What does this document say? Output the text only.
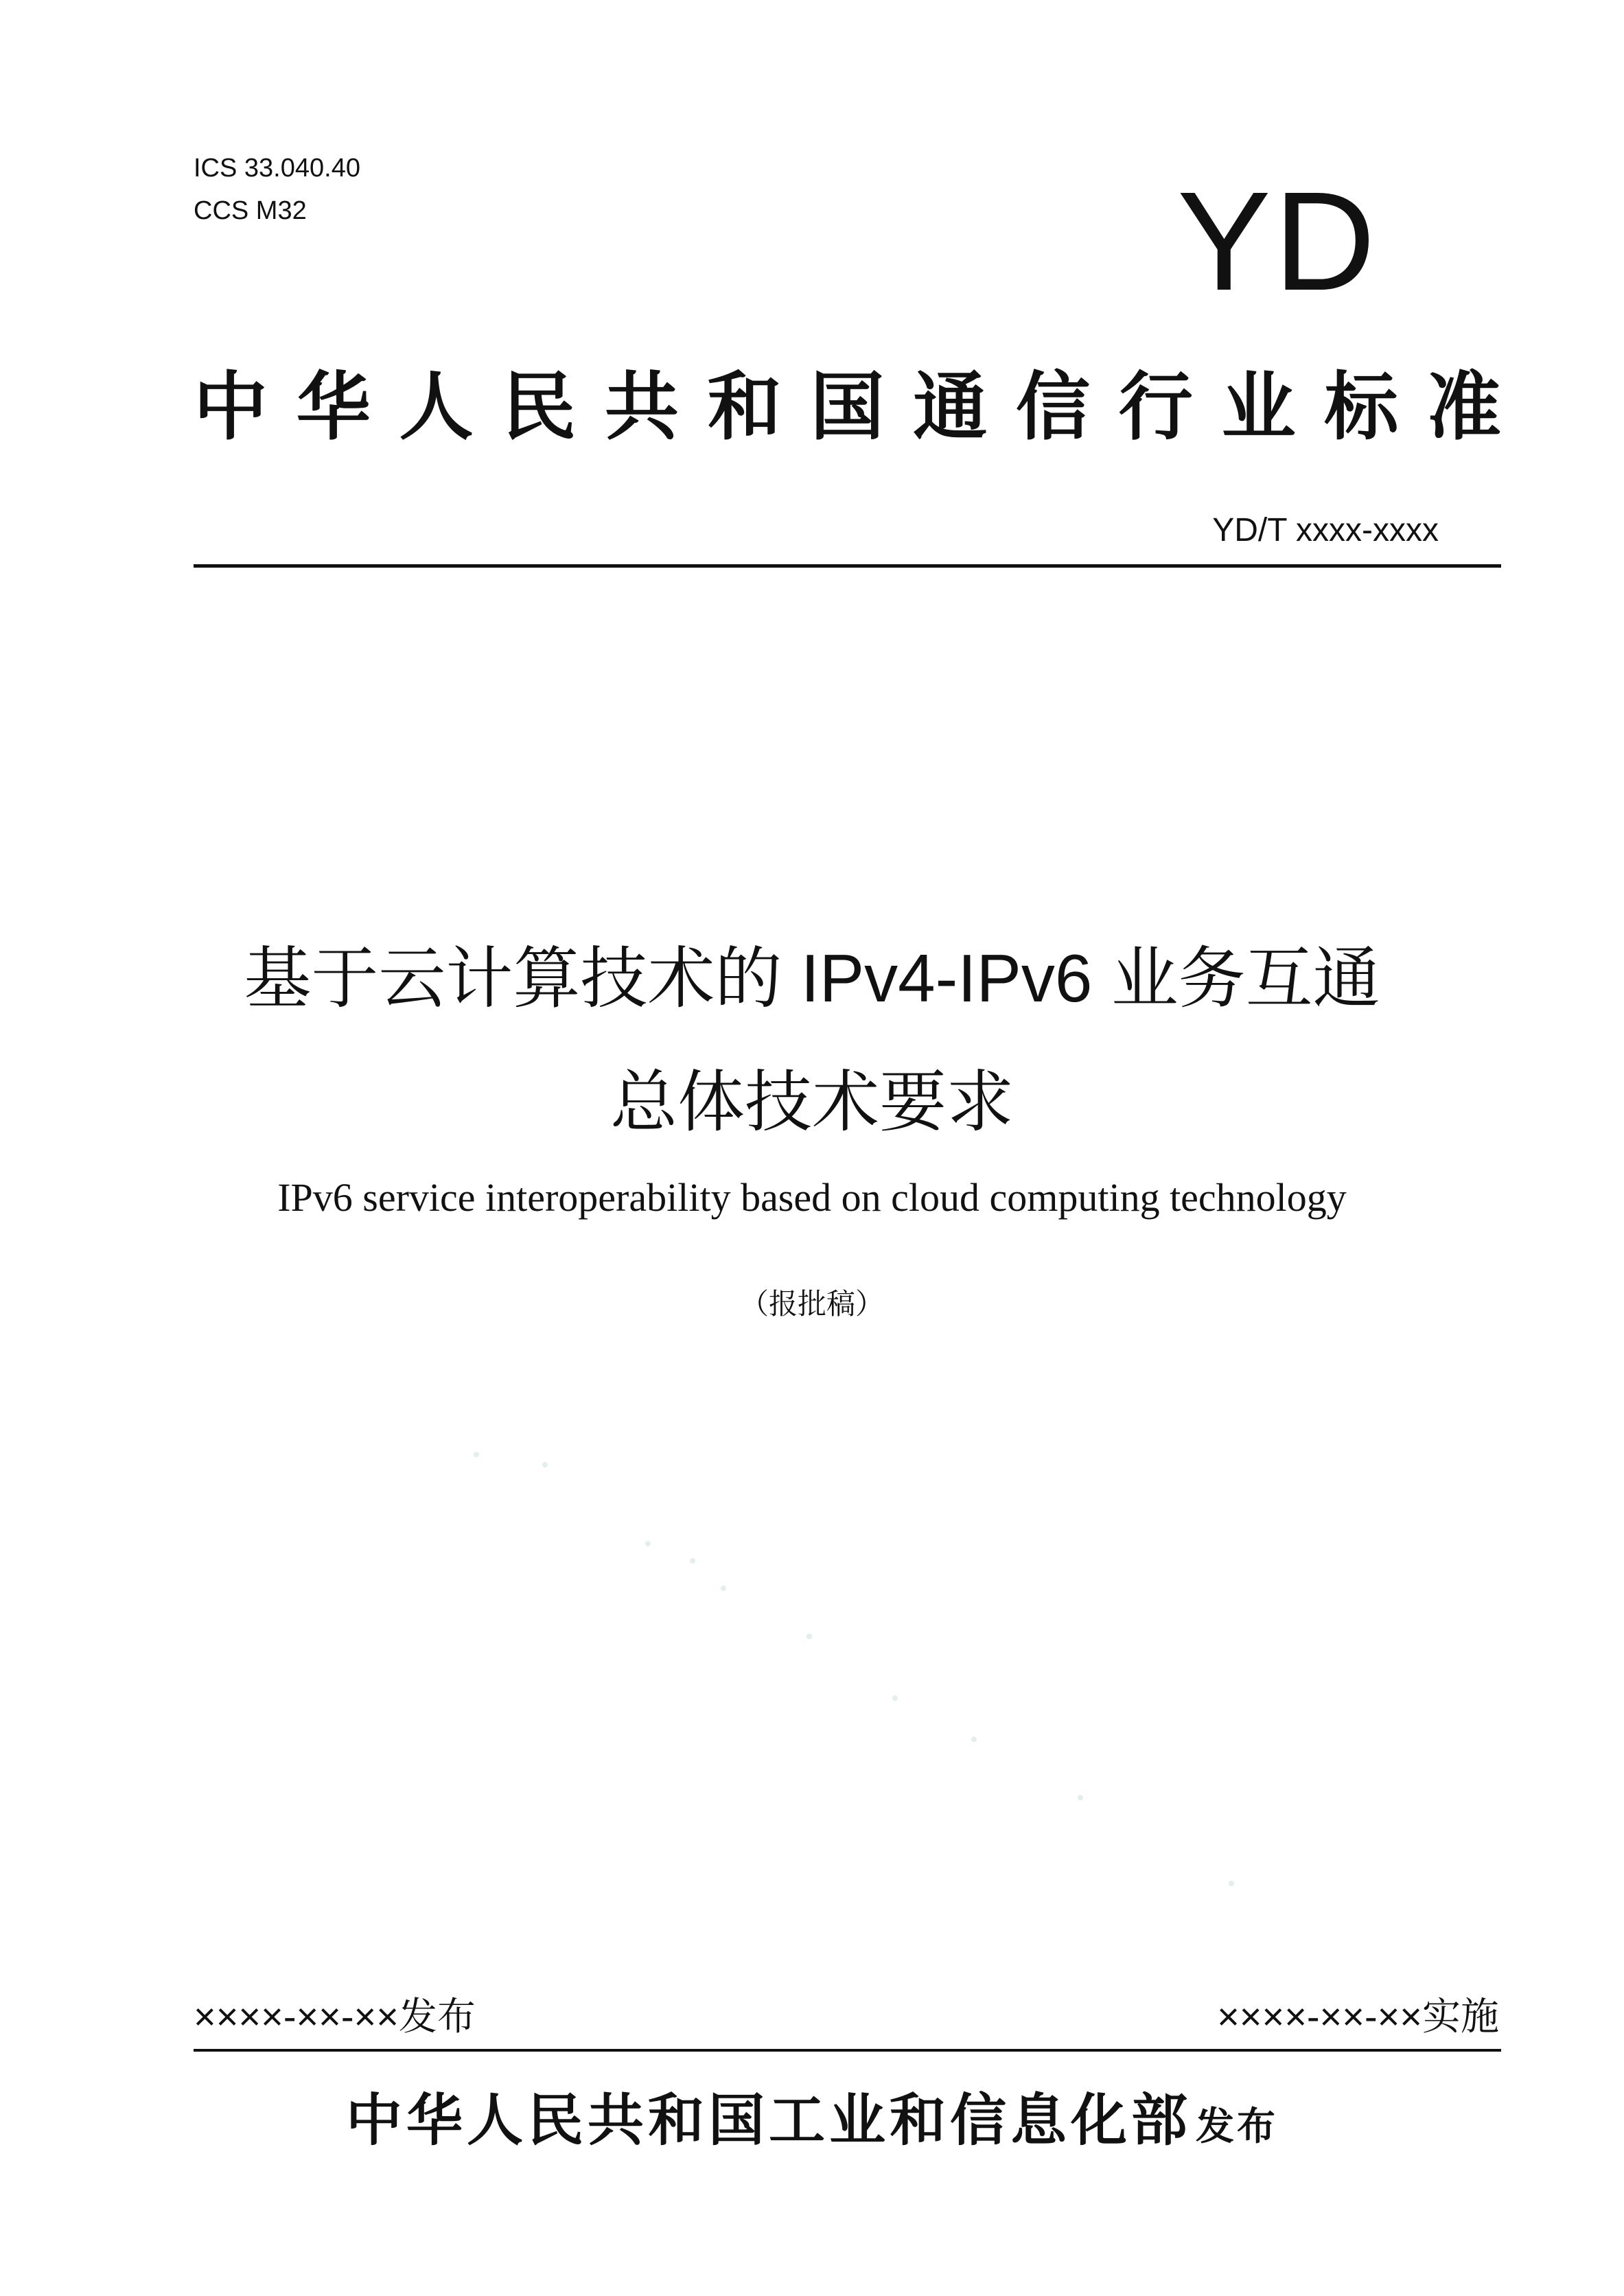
ICS 33.040.40
CCS M32	YD
中华人民共和国通信行业标准
YD/T xxxx-xxxx
基于云计算技术的 IPv4-IPv6 业务互通
总体技术要求
IPv6 service interoperability based on cloud computing technology
（报批稿）
××××-××-××发布	××××-××-××实施
中华人民共和国工业和信息化部 发布
